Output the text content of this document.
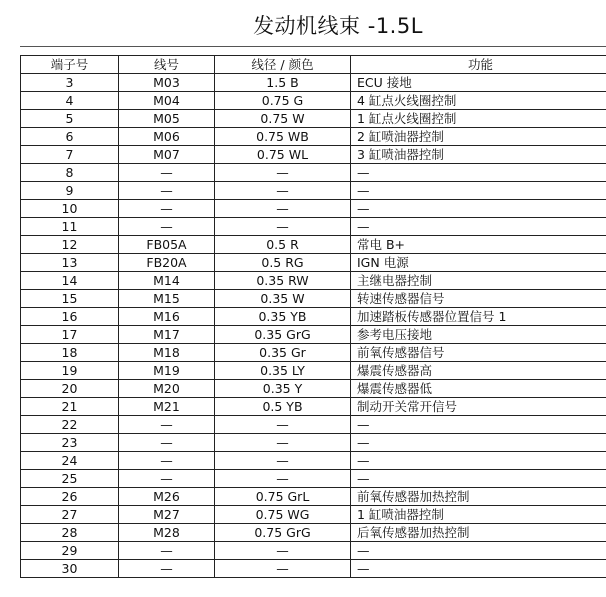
发动机线束 -1.5L
端子号	线号	线径 / 颜色	功能
3	M03	1.5 B	ECU 接地
4	M04	0.75 G	4 缸点火线圈控制
5	M05	0.75 W	1 缸点火线圈控制
6	M06	0.75 WB	2 缸喷油器控制
7	M07	0.75 WL	3 缸喷油器控制
8	—	—	—
9	—	—	—
10	—	—	—
11	—	—	—
12	FB05A	0.5 R	常电 B+
13	FB20A	0.5 RG	IGN 电源
14	M14	0.35 RW	主继电器控制
15	M15	0.35 W	转速传感器信号
16	M16	0.35 YB	加速踏板传感器位置信号 1
17	M17	0.35 GrG	参考电压接地
18	M18	0.35 Gr	前氧传感器信号
19	M19	0.35 LY	爆震传感器高
20	M20	0.35 Y	爆震传感器低
21	M21	0.5 YB	制动开关常开信号
22	—	—	—
23	—	—	—
24	—	—	—
25	—	—	—
26	M26	0.75 GrL	前氧传感器加热控制
27	M27	0.75 WG	1 缸喷油器控制
28	M28	0.75 GrG	后氧传感器加热控制
29	—	—	—
30	—	—	—
